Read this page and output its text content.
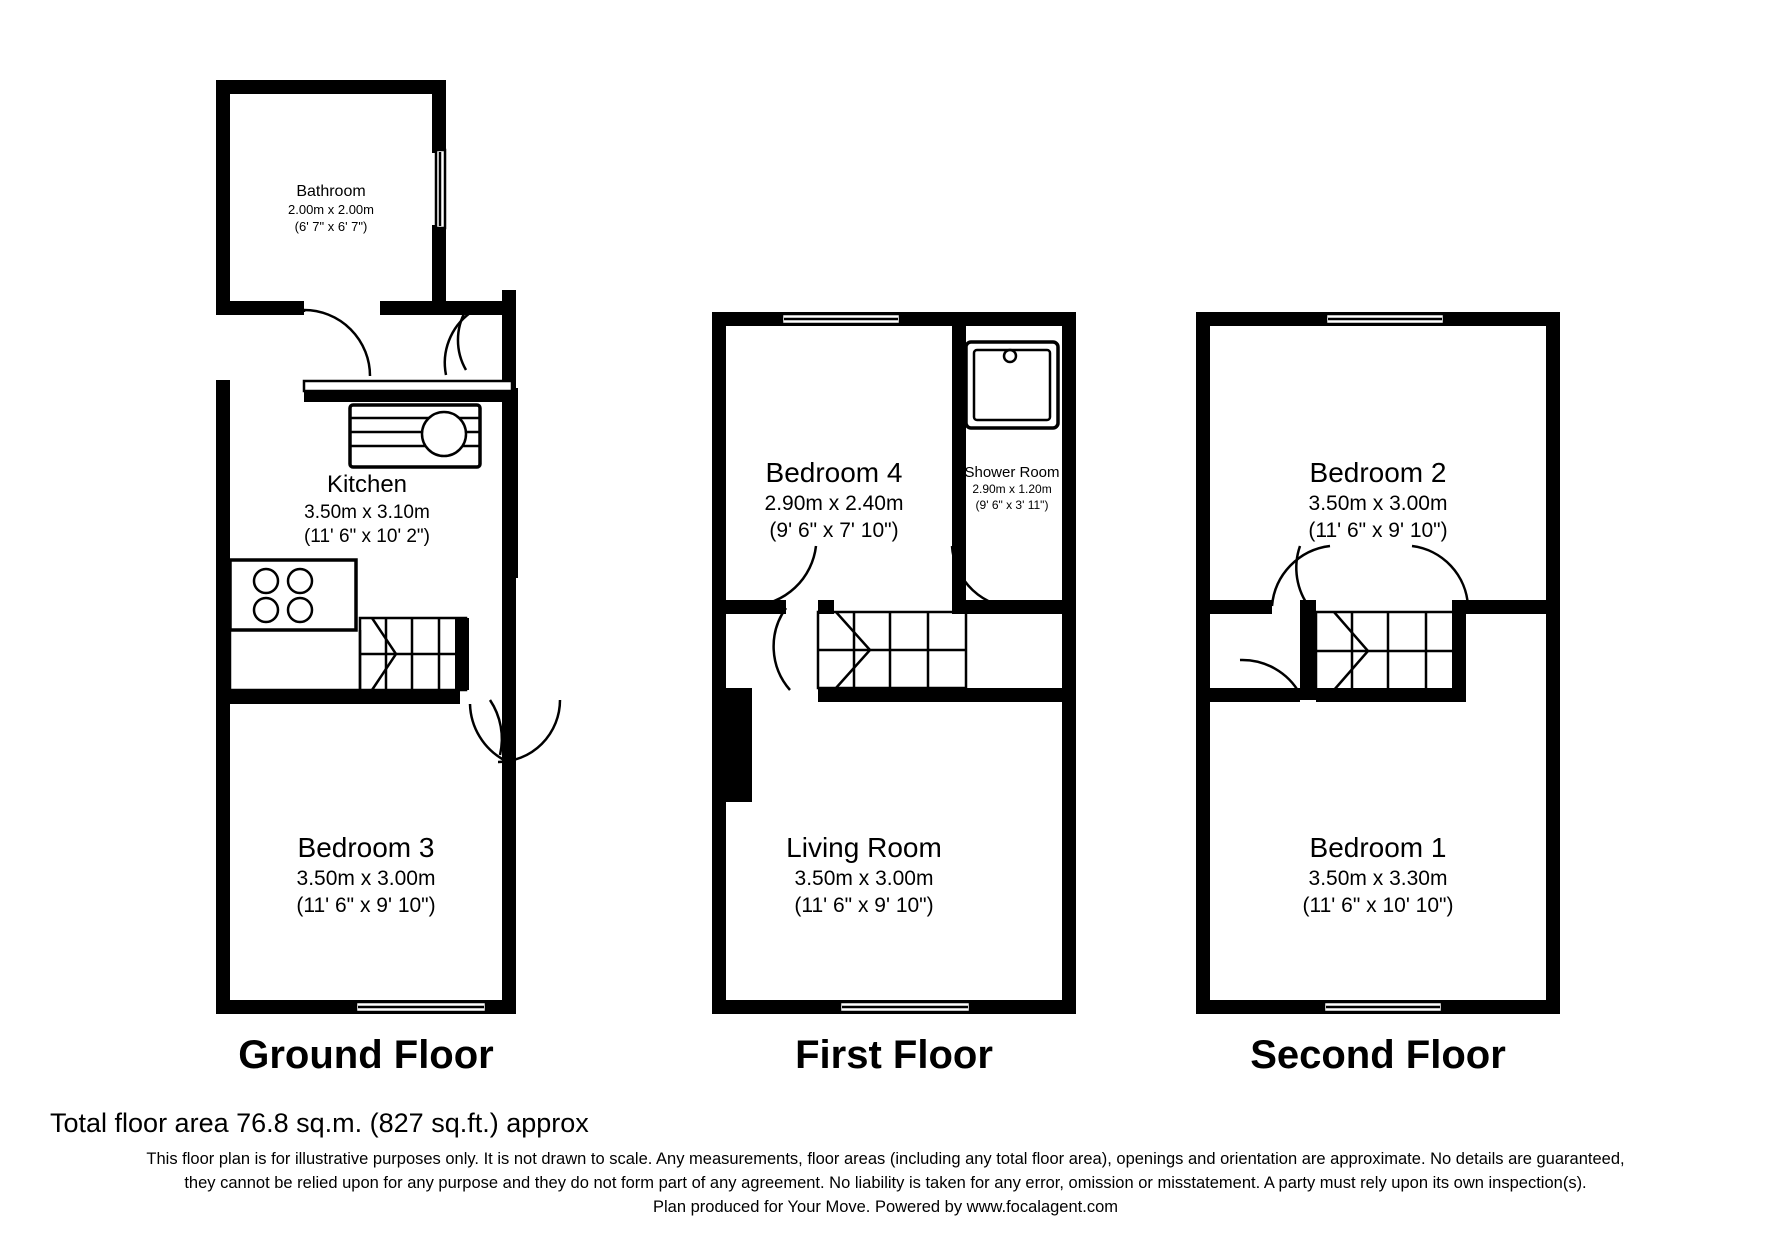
Bathroom
2.00m x 2.00m
(6' 7" x 6' 7")
Kitchen
3.50m x 3.10m
(11' 6" x 10' 2")
Bedroom 3
3.50m x 3.00m
(11' 6" x 9' 10")
Bedroom 4
2.90m x 2.40m
(9' 6" x 7' 10")
Shower Room
2.90m x 1.20m
(9' 6" x 3' 11")
Living Room
3.50m x 3.00m
(11' 6" x 9' 10")
Bedroom 2
3.50m x 3.00m
(11' 6" x 9' 10")
Bedroom 1
3.50m x 3.30m
(11' 6" x 10' 10")
Ground Floor	First Floor	Second Floor
Total floor area 76.8 sq.m. (827 sq.ft.) approx
This floor plan is for illustrative purposes only. It is not drawn to scale. Any measurements, floor areas (including any total floor area), openings and orientation are approximate. No details are guaranteed,
they cannot be relied upon for any purpose and they do not form part of any agreement. No liability is taken for any error, omission or misstatement. A party must rely upon its own inspection(s).
Plan produced for Your Move. Powered by www.focalagent.com
